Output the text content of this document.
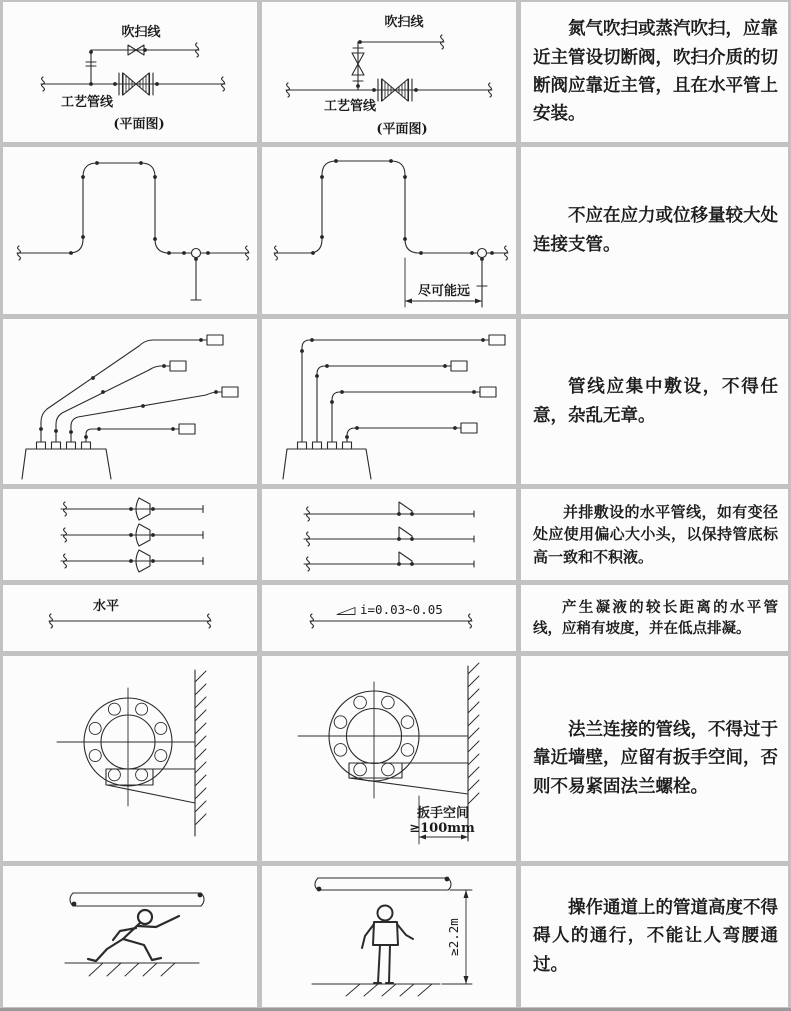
吹扫线
工艺管线
(平面图)
吹扫线
工艺管线
(平面图)

氮气吹扫或蒸汽吹扫，应靠近主管设切断阀，吹扫介质的切断阀应靠近主管，且在水平管上安装。

尽可能远

不应在应力或位移量较大处连接支管。

管线应集中敷设，不得任意，杂乱无章。

并排敷设的水平管线，如有变径处应使用偏心大小头，以保持管底标高一致和不积液。

水平	i=0.03~0.05	产生凝液的较长距离的水平管线，应稍有坡度，并在低点排凝。

扳手空间
≥100mm

法兰连接的管线，不得过于靠近墙壁，应留有扳手空间，否则不易紧固法兰螺栓。

≥2.2m

操作通道上的管道高度不得碍人的通行，不能让人弯腰通过。
